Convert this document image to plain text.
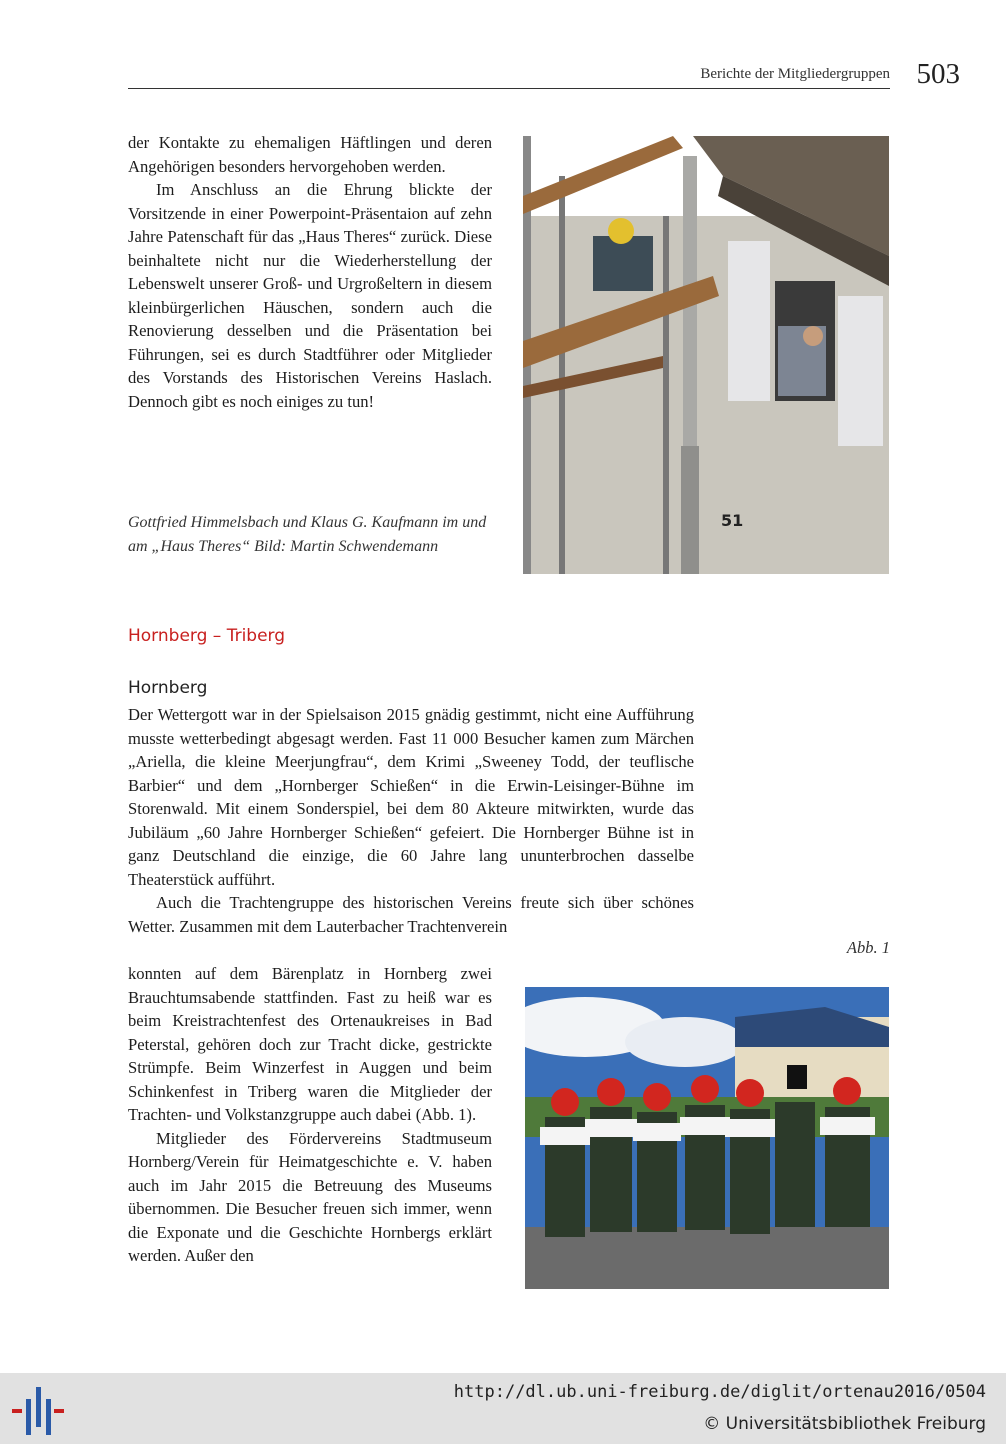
Berichte der Mitgliedergruppen 503

der Kontakte zu ehemaligen Häftlingen und deren Angehörigen besonders hervorgehoben werden.

Im Anschluss an die Ehrung blickte der Vorsitzende in einer Powerpoint-Präsentaion auf zehn Jahre Patenschaft für das „Haus Theres“ zurück. Diese beinhaltete nicht nur die Wiederherstellung der Lebenswelt unserer Groß- und Urgroßeltern in diesem kleinbürgerlichen Häuschen, sondern auch die Renovierung desselben und die Präsentation bei Führungen, sei es durch Stadtführer oder Mitglieder des Vorstands des Historischen Vereins Haslach. Dennoch gibt es noch einiges zu tun!

51
Gottfried Himmelsbach und Klaus G. Kaufmann im und am „Haus Theres“ Bild: Martin Schwendemann
Hornberg – Triberg
Hornberg

Der Wettergott war in der Spielsaison 2015 gnädig gestimmt, nicht eine Aufführung musste wetterbedingt abgesagt werden. Fast 11 000 Besucher kamen zum Märchen „Ariella, die kleine Meerjungfrau“, dem Krimi „Sweeney Todd, der teuflische Barbier“ und dem „Hornberger Schießen“ in die Erwin-Leisinger-Bühne im Storenwald. Mit einem Sonderspiel, bei dem 80 Akteure mitwirkten, wurde das Jubiläum „60 Jahre Hornberger Schießen“ gefeiert. Die Hornberger Bühne ist in ganz Deutschland die einzige, die 60 Jahre lang ununterbrochen dasselbe Theaterstück aufführt.

Auch die Trachtengruppe des historischen Vereins freute sich über schönes Wetter. Zusammen mit dem Lauterbacher Trachtenverein

Abb. 1

konnten auf dem Bärenplatz in Hornberg zwei Brauchtumsabende stattfinden. Fast zu heiß war es beim Kreistrachtenfest des Ortenaukreises in Bad Peterstal, gehören doch zur Tracht dicke, gestrickte Strümpfe. Beim Winzerfest in Auggen und beim Schinkenfest in Triberg waren die Mitglieder der Trachten- und Volkstanzgruppe auch dabei (Abb. 1).

Mitglieder des Fördervereins Stadtmuseum Hornberg/Verein für Heimatgeschichte e. V. haben auch im Jahr 2015 die Betreuung des Museums übernommen. Die Besucher freuen sich immer, wenn die Exponate und die Geschichte Hornbergs erklärt werden. Außer den

http://dl.ub.uni-freiburg.de/diglit/ortenau2016/0504
© Universitätsbibliothek Freiburg
